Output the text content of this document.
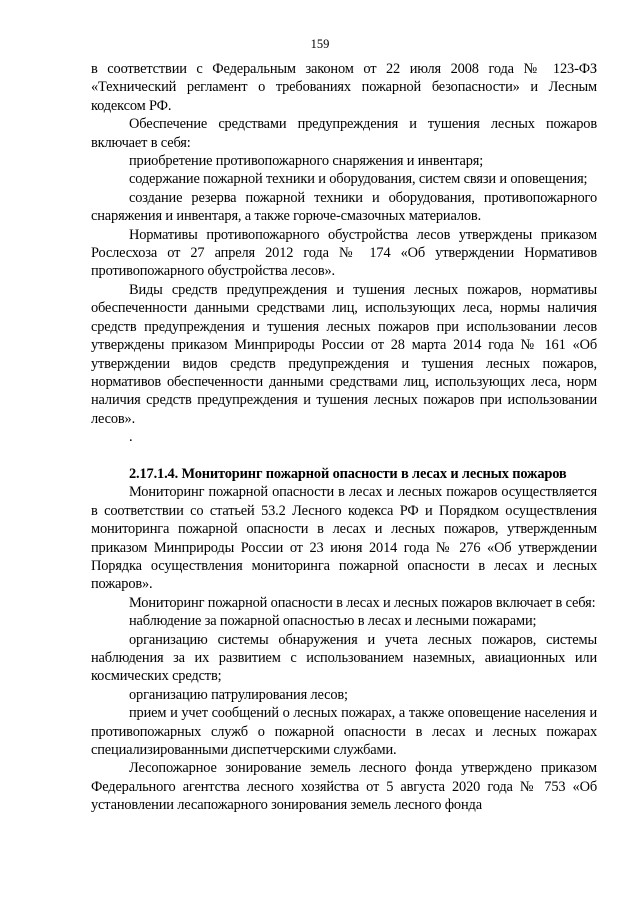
159

в соответствии с Федеральным законом от 22 июля 2008 года № 123-ФЗ «Технический регламент о требованиях пожарной безопасности» и Лесным кодексом РФ.

Обеспечение средствами предупреждения и тушения лесных пожаров включает в себя:

приобретение противопожарного снаряжения и инвентаря;

содержание пожарной техники и оборудования, систем связи и оповещения;

создание резерва пожарной техники и оборудования, противопожарного снаряжения и инвентаря, а также горюче-смазочных материалов.

Нормативы противопожарного обустройства лесов утверждены приказом Рослесхоза от 27 апреля 2012 года № 174 «Об утверждении Нормативов противопожарного обустройства лесов».

Виды средств предупреждения и тушения лесных пожаров, нормативы обеспеченности данными средствами лиц, использующих леса, нормы наличия средств предупреждения и тушения лесных пожаров при использовании лесов утверждены приказом Минприроды России от 28 марта 2014 года № 161 «Об утверждении видов средств предупреждения и тушения лесных пожаров, нормативов обеспеченности данными средствами лиц, использующих леса, норм наличия средств предупреждения и тушения лесных пожаров при использовании лесов».

.

2.17.1.4. Мониторинг пожарной опасности в лесах и лесных пожаров

Мониторинг пожарной опасности в лесах и лесных пожаров осуществляется в соответствии со статьей 53.2 Лесного кодекса РФ и Порядком осуществления мониторинга пожарной опасности в лесах и лесных пожаров, утвержденным приказом Минприроды России от 23 июня 2014 года № 276 «Об утверждении Порядка осуществления мониторинга пожарной опасности в лесах и лесных пожаров».

Мониторинг пожарной опасности в лесах и лесных пожаров включает в себя:

наблюдение за пожарной опасностью в лесах и лесными пожарами;

организацию системы обнаружения и учета лесных пожаров, системы наблюдения за их развитием с использованием наземных, авиационных или космических средств;

организацию патрулирования лесов;

прием и учет сообщений о лесных пожарах, а также оповещение населения и противопожарных служб о пожарной опасности в лесах и лесных пожарах специализированными диспетчерскими службами.

Лесопожарное зонирование земель лесного фонда утверждено приказом Федерального агентства лесного хозяйства от 5 августа 2020 года № 753 «Об установлении лесапожарного зонирования земель лесного фонда
